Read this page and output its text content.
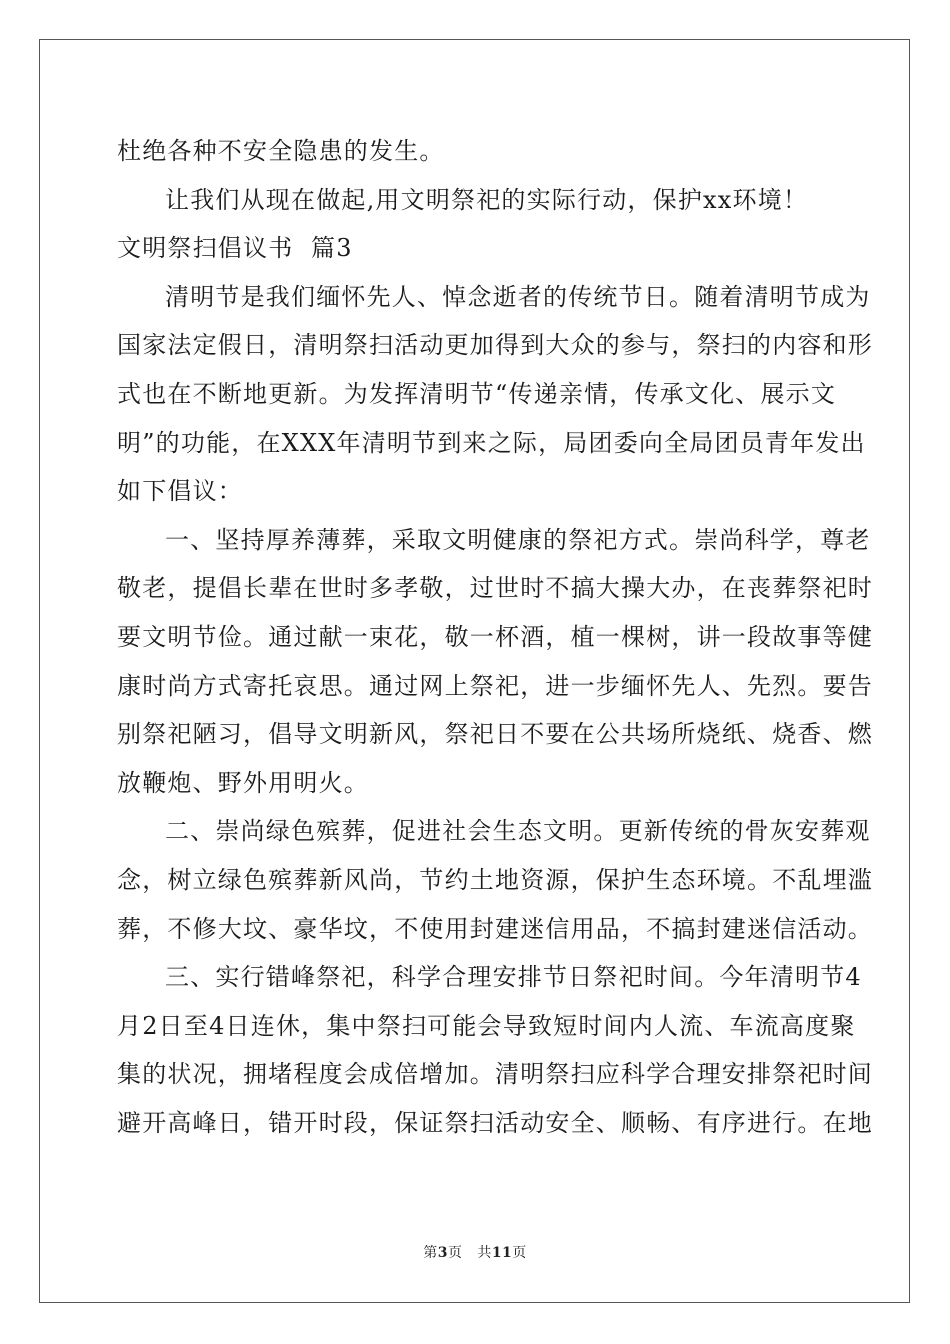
杜绝各种不安全隐患的发生。
让我们从现在做起,用文明祭祀的实际行动，保护xx环境！
文明祭扫倡议书  篇3
清明节是我们缅怀先人、悼念逝者的传统节日。随着清明节成为
国家法定假日，清明祭扫活动更加得到大众的参与，祭扫的内容和形
式也在不断地更新。为发挥清明节“传递亲情，传承文化、展示文
明”的功能，在XXX年清明节到来之际，局团委向全局团员青年发出
如下倡议：
一、坚持厚养薄葬，采取文明健康的祭祀方式。崇尚科学，尊老
敬老，提倡长辈在世时多孝敬，过世时不搞大操大办，在丧葬祭祀时
要文明节俭。通过献一束花，敬一杯酒，植一棵树，讲一段故事等健
康时尚方式寄托哀思。通过网上祭祀，进一步缅怀先人、先烈。要告
别祭祀陋习，倡导文明新风，祭祀日不要在公共场所烧纸、烧香、燃
放鞭炮、野外用明火。
二、崇尚绿色殡葬，促进社会生态文明。更新传统的骨灰安葬观
念，树立绿色殡葬新风尚，节约土地资源，保护生态环境。不乱埋滥
葬，不修大坟、豪华坟，不使用封建迷信用品，不搞封建迷信活动。
三、实行错峰祭祀，科学合理安排节日祭祀时间。今年清明节4
月2日至4日连休，集中祭扫可能会导致短时间内人流、车流高度聚
集的状况，拥堵程度会成倍增加。清明祭扫应科学合理安排祭祀时间
避开高峰日，错开时段，保证祭扫活动安全、顺畅、有序进行。在地
第3页 共11页
